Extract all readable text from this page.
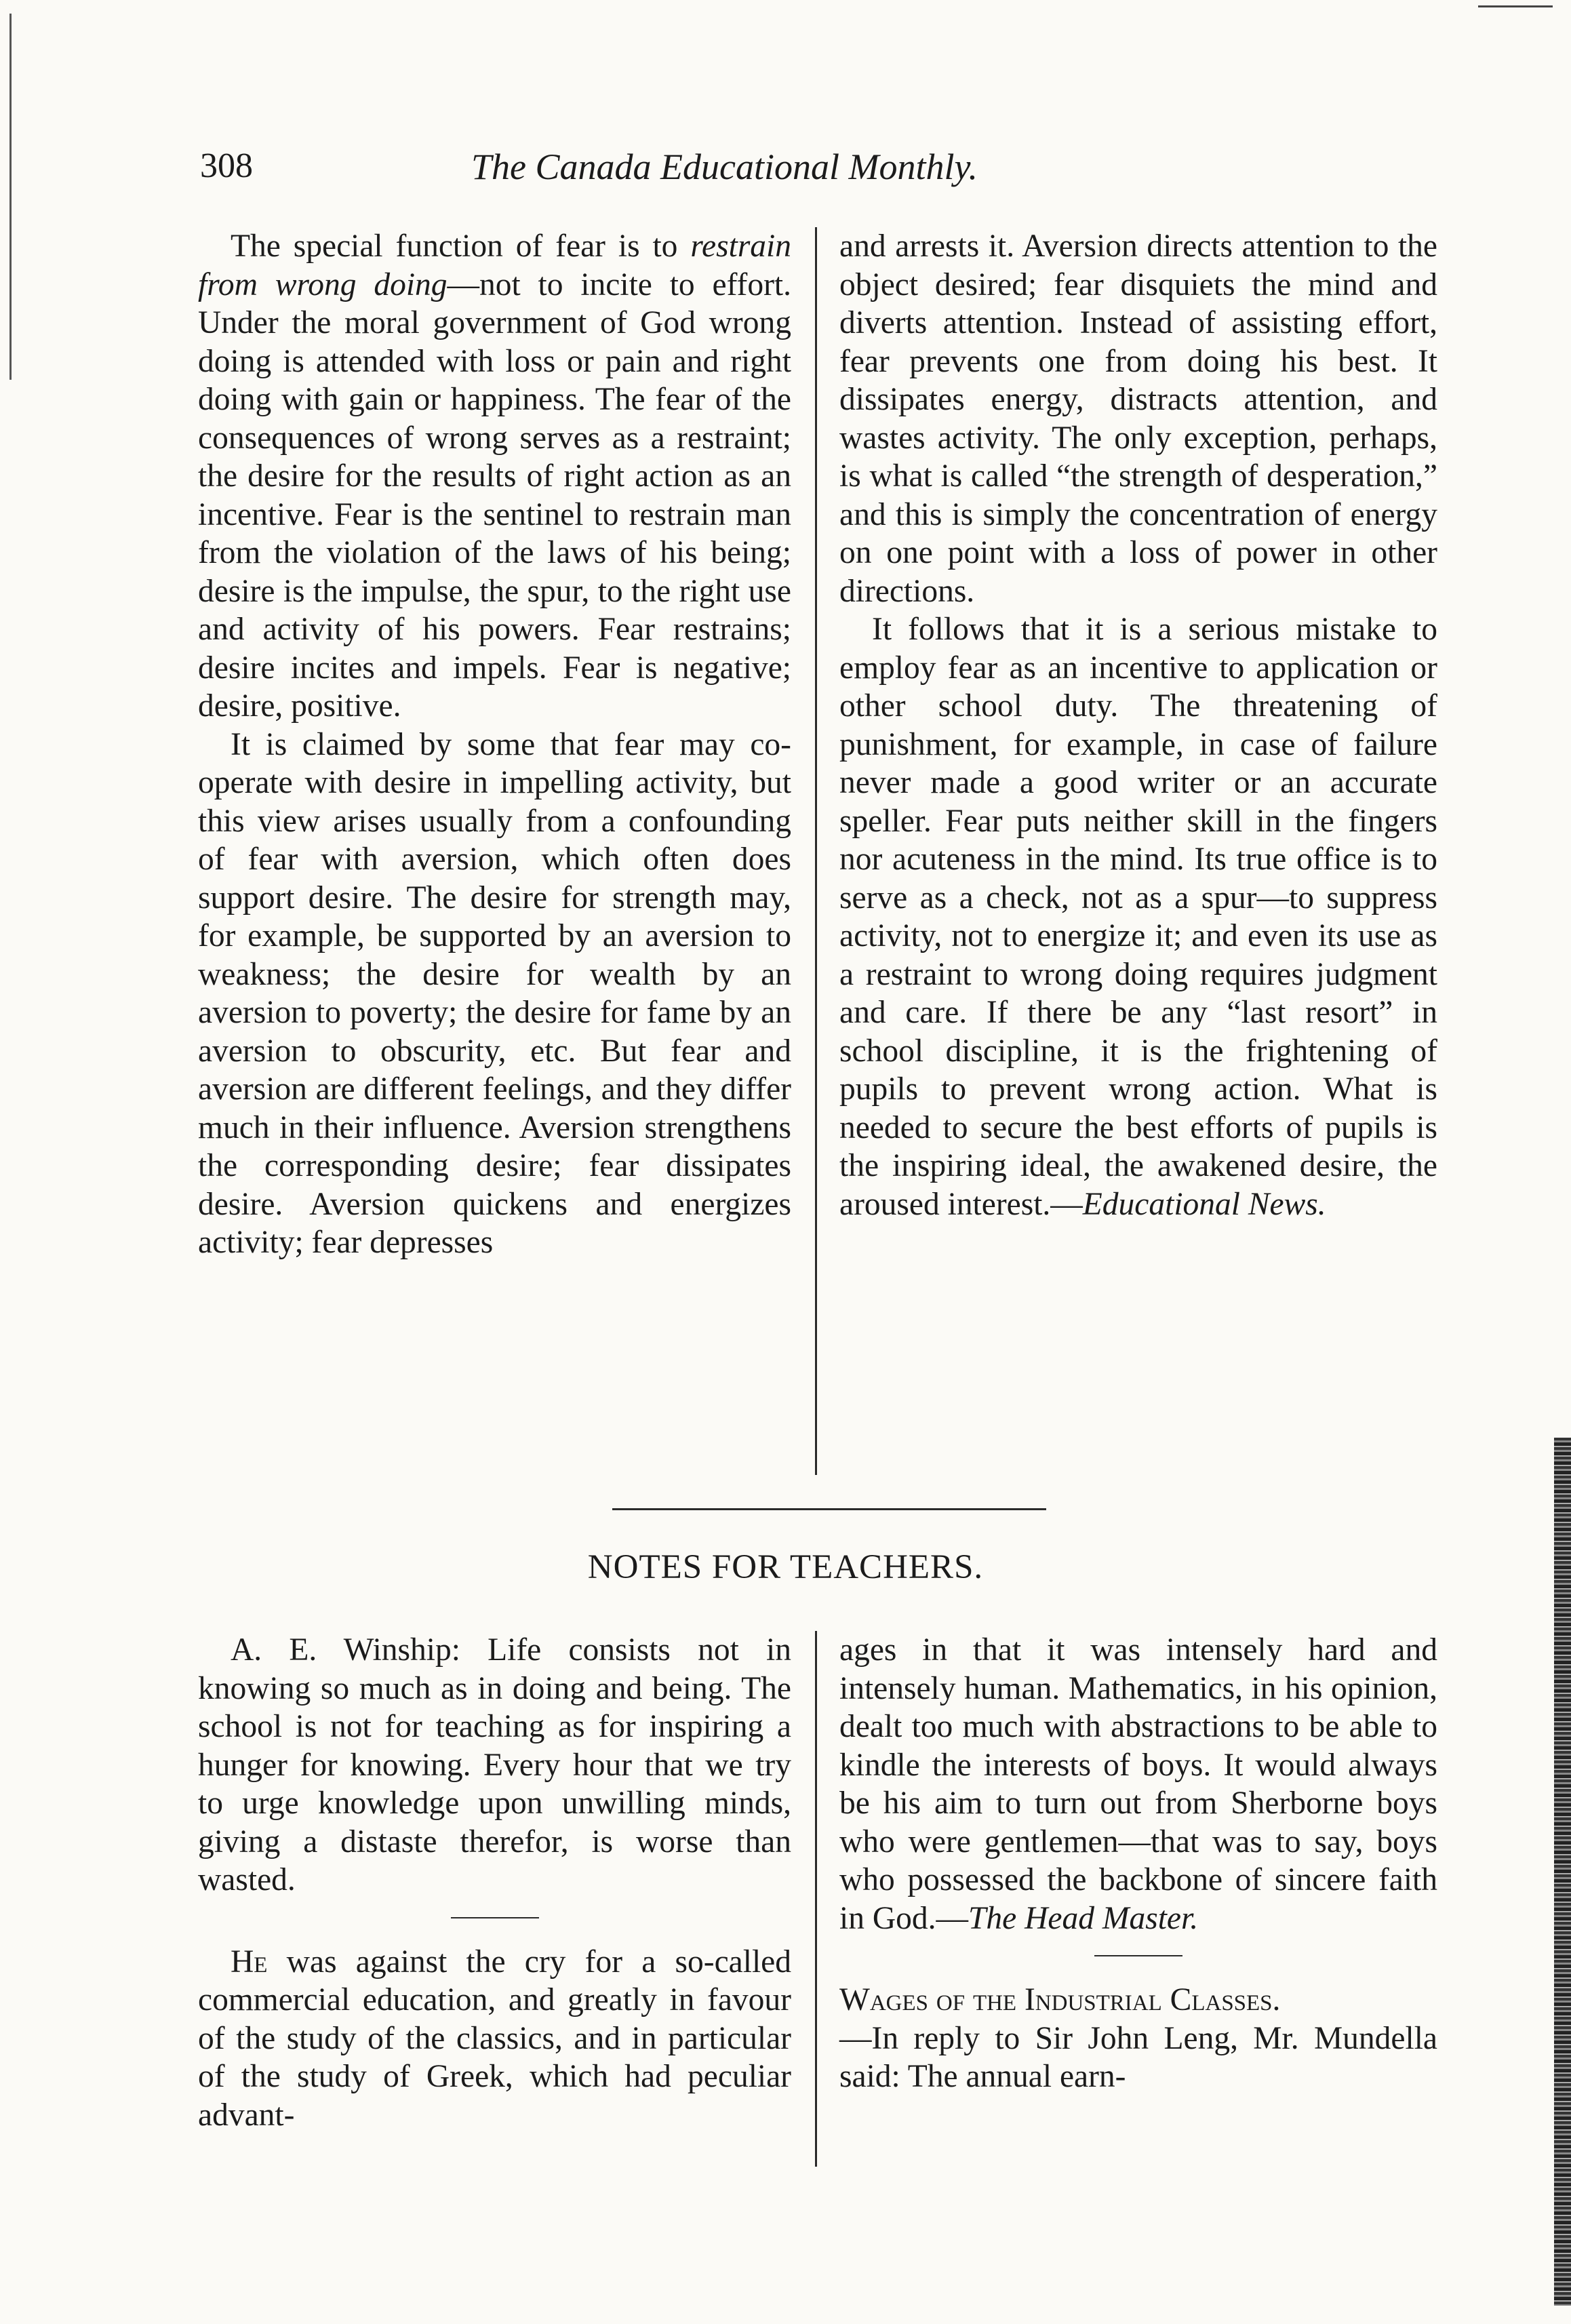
308	The Canada Educational Monthly.

The special function of fear is to restrain from wrong doing—not to incite to effort. Under the moral government of God wrong doing is attended with loss or pain and right doing with gain or happiness. The fear of the consequences of wrong serves as a restraint; the desire for the results of right action as an incentive. Fear is the sentinel to restrain man from the violation of the laws of his being; desire is the impulse, the spur, to the right use and activity of his powers. Fear restrains; desire incites and impels. Fear is negative; desire, positive.

It is claimed by some that fear may co-operate with desire in impelling activity, but this view arises usually from a confounding of fear with aversion, which often does support desire. The desire for strength may, for example, be supported by an aversion to weakness; the desire for wealth by an aversion to poverty; the desire for fame by an aversion to obscurity, etc. But fear and aversion are different feelings, and they differ much in their influence. Aversion strengthens the corresponding desire; fear dissipates desire. Aversion quickens and energizes activity; fear depresses

and arrests it. Aversion directs attention to the object desired; fear disquiets the mind and diverts attention. Instead of assisting effort, fear prevents one from doing his best. It dissipates energy, distracts attention, and wastes activity. The only exception, perhaps, is what is called “the strength of desperation,” and this is simply the concentration of energy on one point with a loss of power in other directions.

It follows that it is a serious mistake to employ fear as an incentive to application or other school duty. The threatening of punishment, for example, in case of failure never made a good writer or an accurate speller. Fear puts neither skill in the fingers nor acuteness in the mind. Its true office is to serve as a check, not as a spur—to suppress activity, not to energize it; and even its use as a restraint to wrong doing requires judgment and care. If there be any “last resort” in school discipline, it is the frightening of pupils to prevent wrong action. What is needed to secure the best efforts of pupils is the inspiring ideal, the awakened desire, the aroused interest.—Educational News.

NOTES FOR TEACHERS.

A. E. Winship: Life consists not in knowing so much as in doing and being. The school is not for teaching as for inspiring a hunger for knowing. Every hour that we try to urge knowledge upon unwilling minds, giving a distaste therefor, is worse than wasted.

He was against the cry for a so-called commercial education, and greatly in favour of the study of the classics, and in particular of the study of Greek, which had peculiar advant-

ages in that it was intensely hard and intensely human. Mathematics, in his opinion, dealt too much with abstractions to be able to kindle the interests of boys. It would always be his aim to turn out from Sherborne boys who were gentlemen—that was to say, boys who possessed the backbone of sincere faith in God.—The Head Master.

Wages of the Industrial Classes.
—In reply to Sir John Leng, Mr. Mundella said: The annual earn-
